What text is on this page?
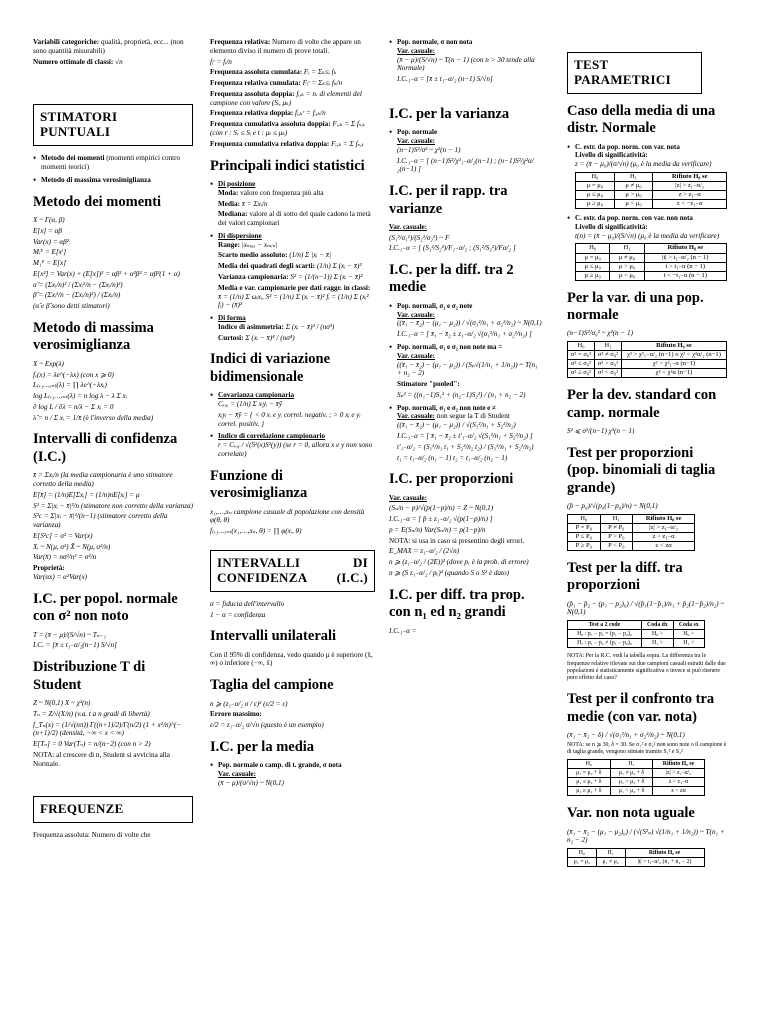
Variabili categoriche: qualità, proprietà, ecc... (non sono quantità misurabili)

Numero ottimale di classi: √n

STIMATORI PUNTUALI
• Metodo dei momenti (momenti empirici contro momenti teorici)
• Metodo di massima verosimiglianza
Metodo dei momenti

X ~ Γ(α, β)

E[x] = αβ

Var(x) = αβ²

Mᵢᴱ = E[xⁱ]

M₁ᴱ = E[x]

E[x²] = Var(x) + (E[x])² = αβ² + α²β² = αβ²(1 + α)

α̂ = (Σxᵢ/n)² / (Σxᵢ²/n − (Σxᵢ/n)²)

β̂ = (Σxᵢ²/n − (Σxᵢ/n)²) / (Σxᵢ/n)

(α̂ e β̂ sono detti stimatori)

Metodo di massima verosimiglianza

X ~ Exp(λ)

fₓ(x) = λe^(−λx) (con x ⩾ 0)

L₍ₓ₁…ₓₙ₎(λ) = ∏ λe^(−λxᵢ)

log L₍ₓ₁…ₓₙ₎(λ) = n log λ − λ Σ xᵢ

∂ log L / ∂λ = n/λ − Σ xᵢ = 0

λ̂ = n / Σ xᵢ = 1/x̄ (è l'inverso della media)

Intervalli di confidenza (I.C.)

x̄ = Σxᵢ/n (la media campionaria è uno stimatore corretto della media)

E[x̄] = (1/n)E[Σxᵢ] = (1/n)nE[xᵢ] = μ

S² = Σ|xᵢ − x̄|²/n (stimatore non corretto della varianza)

S²c = Σ|xᵢ − x̄|²/(n−1) (stimatore corretto della varianza)

E[S²c] = σ² = Var(x)

Xᵢ ~ N(μ, σ²) X̄ ~ N(μ, σ²/n)

Var(x̄) = nσ²/n² = σ²/n

Proprietà:
Var(αx) = α²Var(x)

I.C. per popol. normale con σ² non noto

T = (x̄ − μ)/(S/√n) ~ Tₙ₋₁

I.C. = [x̄ ± t₁₋α/₂(n−1) S/√n]

Distribuzione T di Student

Z ~ N(0,1) X ~ χ²(n)

Tₙ = Z/√(X/n) (v.a. t a n gradi di libertà)

f_Tₙ(x) = (1/√(nπ)) Γ((n+1)/2)/Γ(n/2) (1 + x²/n)^(−(n+1)/2) (densità, −∞ < x < ∞)

E[Tₙ] = 0 Var(Tₙ) = n/(n−2) (con n > 2)

NOTA: al crescere di n, Student si avvicina alla Normale.

FREQUENZE

Frequenza assoluta: Numero di volte che

Frequenza relativa: Numero di volte che appare un elemento diviso il numero di prove totali.

fᵢʳ = fᵢ/n

Frequenza assoluta cumulata: Fᵢ = Σₖ≤ᵢ fₖ

Frequenza relativa cumulata: Fᵢʳ = Σₖ≤ᵢ fₖ/n

Frequenza assoluta doppia: fᵢ,ₖ = n. di elementi del campione con valore (Sᵢ, μₖ)

Frequenza relativa doppia: fᵢ,ₖʳ = fᵢ,ₖ/n

Frequenza cumulativa assoluta doppia: Fᵢ,ₖ = Σ fₛ,ₜ (con r : Sᵣ ≤ Sᵢ e t : μₜ ≤ μₖ)

Frequenza cumulativa relativa doppia: Fᵢ,ₖ = Σ fₛ,ₜ

Principali indici statistici
• Di posizione

Moda: valore con frequenza più alta

Media: x̄ = Σxᵢ/n

Mediana: valore al di sotto del quale cadono la metà dei valori campionari

• Di dispersione

Range: |xₘₐₓ − xₘᵢₙ|

Scarto medio assoluto: (1/n) Σ |xᵢ − x̄|

Media dei quadrati degli scarti: (1/n) Σ (xᵢ − x̄)²

Varianza campionaria: S² = (1/(n−1)) Σ (xᵢ − x̄)²

Media e var. campionarie per dati raggr. in classi: x̄ = (1/n) Σ ωᵢxᵢ, S² = (1/n) Σ (xᵢ − x̄)² fᵢ = (1/n) Σ (xᵢ² fᵢ) − (x̄)²

• Di forma

Indice di asimmetria: Σ (xᵢ − x̄)³ / (nσ³)

Curtosi: Σ (xᵢ − x̄)⁴ / (nσ⁴)

Indici di variazione bidimensionale
• Covarianza campionaria

Cₓ,ᵧ = (1/n) Σ xᵢyᵢ − x̄ȳ

xᵢyᵢ − x̄ȳ = { < 0 xᵢ e yᵢ correl. negativ. ; > 0 xᵢ e yᵢ correl. positiv. }

• Indice di correlazione campionario

r = Cₓ,ᵧ / √(S²(x)S²(y)) (se r = 0, allora x e y non sono correlate)

Funzione di verosimiglianza

x₁,…,xₙ campione casuale di popolazione con densità φ(θ, θ)

f₍ₓ₁…ₓₙ₎(x₁,…,xₙ, θ) = ∏ φ(xᵢ, θ)

INTERVALLI DI CONFIDENZA (I.C.)

α = fiducia dell'intervallo

1 − α = confidenza

Intervalli unilaterali

Con il 95% di confidenza, vedo quando μ è superiore (x̄, ∞) o inferiore (−∞, x̄)

Taglia del campione

n ⩾ (z₁₋α/₂ σ / ε)² (ε/2 = ε)

Errore massimo:

ε/2 = z₁₋α/₂ σ/√n (questo è un esempio)

I.C. per la media
• Pop. normale o camp. di t. grande, σ nota
Var. casuale:
(x̄ − μ)/(σ/√n) ~ N(0,1)
• Pop. normale, σ non nota
Var. casuale:

(x̄ − μ)/(S/√n) ~ T(n − 1) (con n > 30 tende alla Normale)

I.C.₁₋α = [x̄ ± t₁₋α/₂ (n−1) S/√n]

I.C. per la varianza
• Pop. normale
Var. casuale:

(n−1)S²/σ² ~ χ²(n − 1)

I.C.₁₋α = [ (n−1)S²/χ²₁₋α/₂(n−1) ; (n−1)S²/χ²α/₂(n−1) ]

I.C. per il rapp. tra varianze

Var. casuale:

(S₁²/σ₁²)/(S₂²/σ₂²) ~ F

I.C.₁₋α = [ (S₁²/S₂²)/F₁₋α/₂ ; (S₁²/S₂²)/Fα/₂ ]

I.C. per la diff. tra 2 medie
• Pop. normali, σ₁ e σ₂ note
Var. casuale:

((x̄₁ − x̄₂) − (μ₁ − μ₂)) / √(σ₁²/n₁ + σ₂²/n₂) ~ N(0,1)

I.C.₁₋α = [ x̄₁ − x̄₂ ± z₁₋α/₂ √(σ₁²/n₁ + σ₂²/n₂) ]

• Pop. normali, σ₁ e σ₂ non note ma =
Var. casuale:

((x̄₁ − x̄₂) − (μ₁ − μ₂)) / (Sₚ√(1/n₁ + 1/n₂)) ~ T(n₁ + n₂ − 2)

Stimatore "pooled":

Sₚ² = ((n₁−1)S₁² + (n₂−1)S₂²) / (n₁ + n₂ − 2)

• Pop. normali, σ₁ e σ₂ non note e ≠
Var. casuale: non segue la T di Student

((x̄₁ − x̄₂) − (μ₁ − μ₂)) / √(S₁²/n₁ + S₂²/n₂)

I.C.₁₋α = [ x̄₁ − x̄₂ ± t′₁₋α/₂ √(S₁²/n₁ + S₂²/n₂) ]

t′₁₋α/₂ = (S₁²/n₁ t₁ + S₂²/n₂ t₂) / (S₁²/n₁ + S₂²/n₂)

t₁ = t₁₋α/₂ (n₁ − 1) t₂ = t₁₋α/₂ (n₂ − 1)

I.C. per proporzioni

Var. casuale:

(Sₙ/n − p)/√(p(1−p)/n) = Z ~ N(0,1)

I.C.₁₋α = [ p̂ ± z₁₋α/₂ √(p(1−p)/n) ]

p = E(Sₙ/n) Var(Sₙ/n) = p(1−p)/n

NOTA: si usa in caso si presentino degli errori.

E_MAX = z₁₋α/₂ / (2√n)

n ⩾ (z₁₋α/₂ / (2E))² (dove pₑ è la prob. di errore)

n ⩾ (S z₁₋α/₂ / pₑ)² (quando S o S² è dato)

I.C. per diff. tra prop. con n₁ ed n₂ grandi

I.C.₁₋α =

TEST PARAMETRICI
Caso della media di una distr. Normale
• C. estr. da pop. norm. con var. nota
Livello di significatività:

z = (x̄ − μ₀)/(σ/√n) (μ₀ è la media da verificare)

H₀	H₁	Rifiuto H₀ se
μ = μ₀	μ ≠ μ₀	|z| > z₁₋α/₂
μ ≤ μ₀	μ > μ₀	z > z₁₋α
μ ≥ μ₀	μ < μ₀	z < −z₁₋α
• C. estr. da pop. norm. con var. non nota
Livello di significatività:

t(n) = (x̄ − μ₀)/(S/√n) (μ₀ è la media da verificare)

H₀	H₁	Rifiuto H₀ se
μ = μ₀	μ ≠ μ₀	|t| > t₁₋α/₂ (n − 1)
μ ≤ μ₀	μ > μ₀	t > t₁₋α (n − 1)
μ ≥ μ₀	μ < μ₀	t < −t₁₋α (n − 1)
Per la var. di una pop. normale

(n−1)S²/σ₀² ~ χ²(n − 1)

H₀	H₁	Rifiuto H₀ se
σ² = σ₀²	σ² ≠ σ₀²	χ² > χ²₁₋α/₂ (n−1) o χ² < χ²α/₂ (n−1)
σ² ≤ σ₀²	σ² > σ₀²	χ² > χ²₁₋α (n−1)
σ² ≥ σ₀²	σ² < σ₀²	χ² < χ²α (n−1)
Per la dev. standard con camp. normale

S² ⩽ σ²/(n−1) χ²(n − 1)

Test per proporzioni (pop. binomiali di taglia grande)

(p̂ − p₀)/√(p₀(1−p₀)/n) ~ N(0,1)

H₀	H₁	Rifiuto H₀ se
P = P₀	P ≠ P₀	|z| > z₁₋α/₂
P ≤ P₀	P > P₀	z > z₁₋α
P ≥ P₀	P < P₀	z < zα
Test per la diff. tra proporzioni

(p̂₁ − p̂₂ − (p₁ − p₂)₀) / √(p̂₁(1−p̂₁)/n₁ + p̂₂(1−p̂₂)/n₂) ~ N(0,1)

Test a 2 code	Coda dx	Coda sx
H₀ : p₁ − p₂ = (p₁ − p₂)₀	H₀ >	H₀ >
H₁ : p₁ − p₂ ≠ (p₁ − p₂)₀	H₁ >	H₁ <

NOTA: Per la R.C. vedi la tabella sopra. La differenza tra le frequenze relative rilevate sui due campioni casuali estratti dalle due popolazioni è statisticamente significativa o invece si può ritenere puro effetto del caso?

Test per il confronto tra medie (con var. nota)

(x̄₁ − x̄₂ − δ) / √(σ₁²/n₁ + σ₂²/n₂) ~ N(0,1)

NOTA: se n ⩾ 30, δ = 30. Se σ₁² e σ₂² non sono note o il campione è di taglia grande, vengono stimate tramite S₁² e S₂²

H₀	H₁	Rifiuto H₀ se
μ₁ = μ₂ + δ	μ₁ ≠ μ₂ + δ	|z| > z₁₋α/₂
μ₁ ≤ μ₂ + δ	μ₁ > μ₂ + δ	z > z₁₋α
μ₁ ≥ μ₂ + δ	μ₁ < μ₂ + δ	z < zα
Var. non nota uguale

(x̄₁ − x̄₂ − (μ₁ − μ₂)₀) / (√(S²ₚ) √(1/n₁ + 1/n₂)) ~ T(n₁ + n₂ − 2)

H₀	H₁	Rifiuto H₀ se
μ₁ = μ₂	μ₁ ≠ μ₂	|t| > t₁₋α/₂ (n₁ + n₂ − 2)
